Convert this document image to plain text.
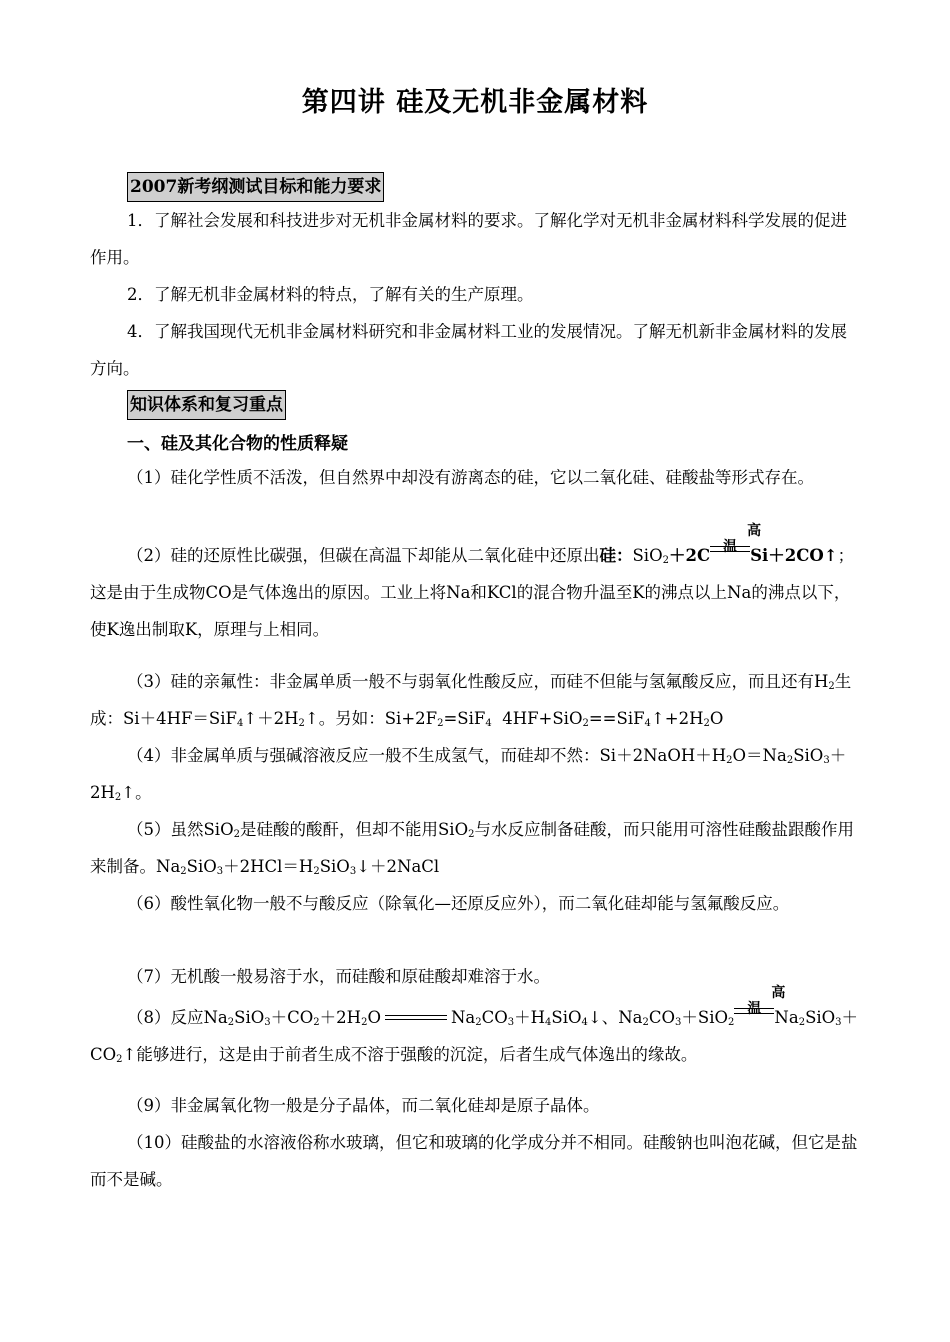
第四讲 硅及无机非金属材料
2007新考纲测试目标和能力要求
1．了解社会发展和科技进步对无机非金属材料的要求。了解化学对无机非金属材料科学发展的促进作用。
2．了解无机非金属材料的特点，了解有关的生产原理。
4．了解我国现代无机非金属材料研究和非金属材料工业的发展情况。了解无机新非金属材料的发展方向。
知识体系和复习重点
一、硅及其化合物的性质释疑
（1）硅化学性质不活泼，但自然界中却没有游离态的硅，它以二氧化硅、硅酸盐等形式存在。
（2）硅的还原性比碳强，但碳在高温下却能从二氧化硅中还原出硅：SiO$_2$＋2C
高温 Si＋2CO↑；这是由于生成物CO是气体逸出的原因。工业上将Na和KCl的混合物升温至K的沸点以上Na的沸点以下，使K逸出制取K，原理与上相同。
（3）硅的亲氟性：非金属单质一般不与弱氧化性酸反应，而硅不但能与氢氟酸反应，而且还有$H_2$生成：$Si+4HF=SiF_4↑+2H_2↑$。另如：$Si+2F_2=SiF_4$  $4HF+SiO_2==SiF_4↑+2H_2O$
（4）非金属单质与强碱溶液反应一般不生成氢气，而硅却不然：$Si+2NaOH+H_2O=Na_2SiO_3+2H_2↑$。
（5）虽然SiO$_2$是硅酸的酸酐，但却不能用SiO$_2$与水反应制备硅酸，而只能用可溶性硅酸盐跟酸作用来制备。$Na_2SiO_3+2HCl=H_2SiO_3↓+2NaCl$
（6）酸性氧化物一般不与酸反应（除氧化—还原反应外），而二氧化硅却能与氢氟酸反应。
（7）无机酸一般易溶于水，而硅酸和原硅酸却难溶于水。
（8）反应$Na_2SiO_3+CO_2+2H_2O$	$Na_2CO_3+H_4SiO_4↓$、$Na_2CO_3+SiO_2$
高温 $Na_2SiO_3+CO_2↑$能够进行，这是由于前者生成不溶于强酸的沉淀，后者生成气体逸出的缘故。
（9）非金属氧化物一般是分子晶体，而二氧化硅却是原子晶体。
（10）硅酸盐的水溶液俗称水玻璃，但它和玻璃的化学成分并不相同。硅酸钠也叫泡花碱，但它是盐而不是碱。
